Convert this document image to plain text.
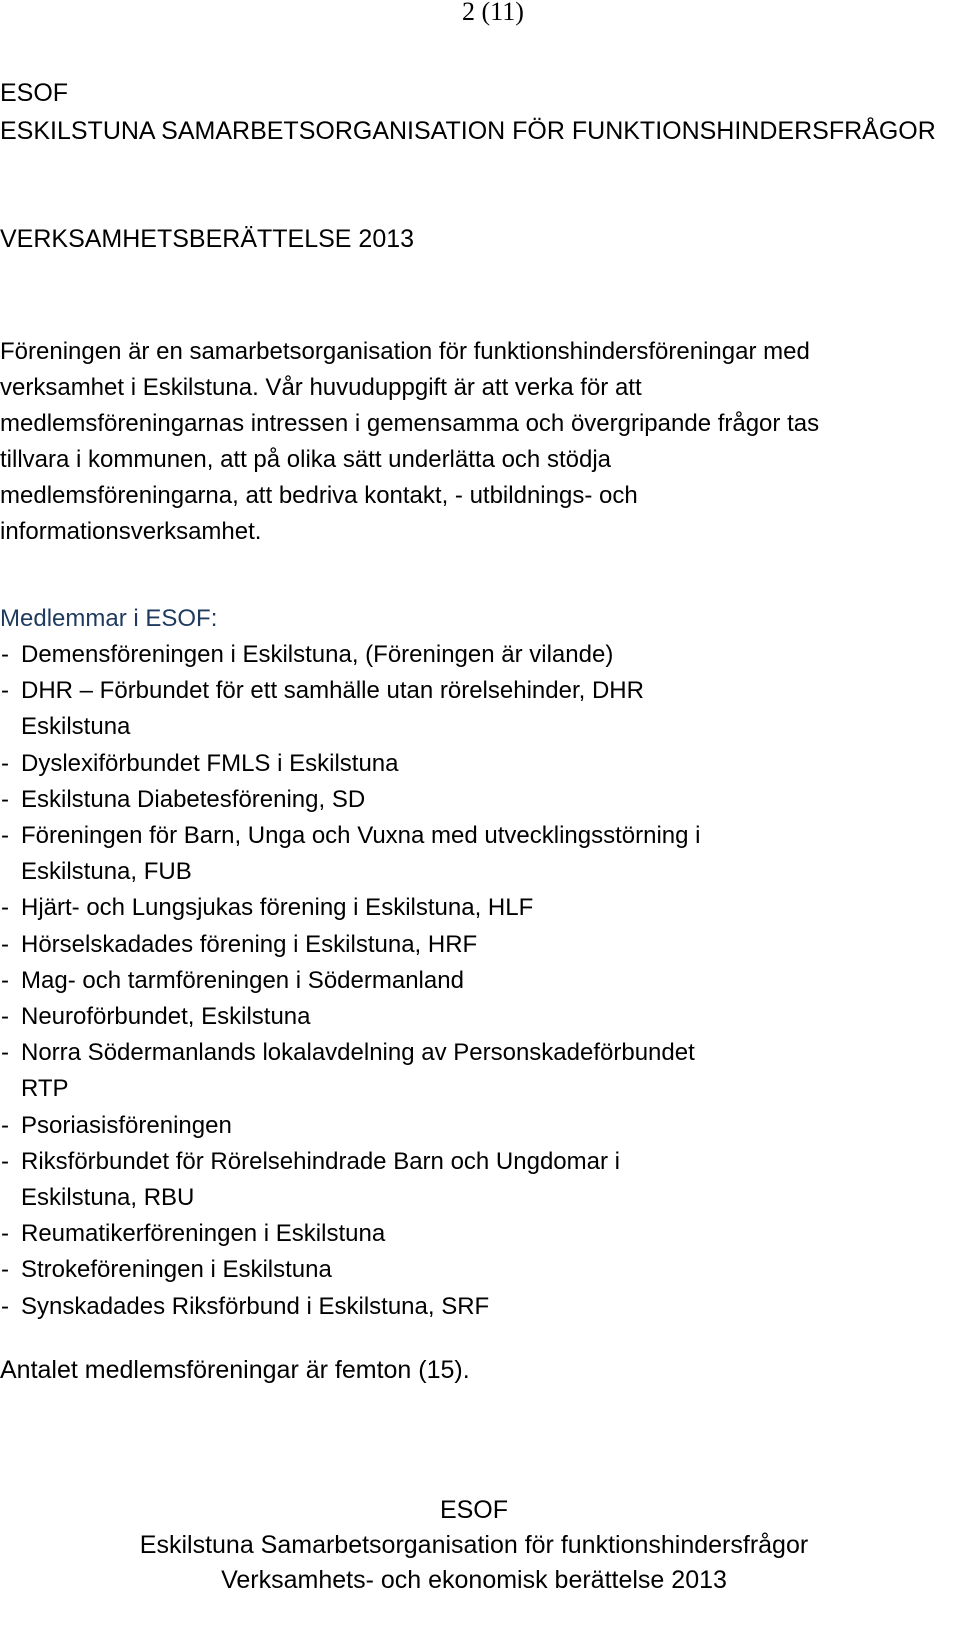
2 (11)
ESOF
ESKILSTUNA SAMARBETSORGANISATION FÖR FUNKTIONSHINDERSFRÅGOR
VERKSAMHETSBERÄTTELSE 2013
Föreningen är en samarbetsorganisation för funktionshindersföreningar med
verksamhet i Eskilstuna. Vår huvuduppgift är att verka för att
medlemsföreningarnas intressen i gemensamma och övergripande frågor tas
tillvara i kommunen, att på olika sätt underlätta och stödja
medlemsföreningarna, att bedriva kontakt, - utbildnings- och
informationsverksamhet.
Medlemmar i ESOF:
- Demensföreningen i Eskilstuna, (Föreningen är vilande)
- DHR – Förbundet för ett samhälle utan rörelsehinder, DHR Eskilstuna
- Dyslexiförbundet FMLS i Eskilstuna
- Eskilstuna Diabetesförening, SD
- Föreningen för Barn, Unga och Vuxna med utvecklingsstörning i Eskilstuna, FUB
- Hjärt- och Lungsjukas förening i Eskilstuna, HLF
- Hörselskadades förening i Eskilstuna, HRF
- Mag- och tarmföreningen i Södermanland
- Neuroförbundet, Eskilstuna
- Norra Södermanlands lokalavdelning av Personskadeförbundet RTP
- Psoriasisföreningen
- Riksförbundet för Rörelsehindrade Barn och Ungdomar i Eskilstuna, RBU
- Reumatikerföreningen i Eskilstuna
- Strokeföreningen i Eskilstuna
- Synskadades Riksförbund i Eskilstuna, SRF
Antalet medlemsföreningar är femton (15).
ESOF
Eskilstuna Samarbetsorganisation för funktionshindersfrågor
Verksamhets- och ekonomisk berättelse 2013
